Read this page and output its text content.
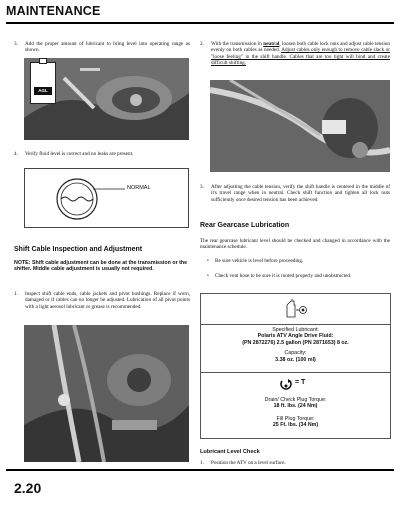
MAINTENANCE
3.	Add the proper amount of lubricant to bring level into operating range as shown.
AGL
4.	Verify fluid level is correct and no leaks are present.
NORMAL
Shift Cable Inspection and Adjustment
NOTE: Shift cable adjustment can be done at the transmission or the shifter. Middle cable adjustment is usually not required.
1.	Inspect shift cable ends, cable jackets and pivot bushings. Replace if worn, damaged or if cables can no longer be adjusted. Lubrication of all pivot points with a light aerosol lubricant or grease is recommended.
2.	With the transmission in neutral, loosen both cable lock nuts and adjust cable tension evenly on both cables as needed. Adjust cables only enough to remove cable slack or "loose feeling" in the shift handle. Cables that are too tight will bind and create difficult shifting.
3.	After adjusting the cable tension, verify the shift handle is centered in the middle of it's travel range when in neutral. Check shift function and tighten all lock nuts sufficiently once desired tension has been achieved.
Rear Gearcase Lubrication
The rear gearcase lubricant level should be checked and changed in accordance with the maintenance schedule.
•	Be sure vehicle is level before proceeding.
•	Check vent hose to be sure it is routed properly and unobstructed.
=
Specified Lubricant:
Polaris ATV Angle Drive Fluid:
(PN 2872276) 2.5 gallon (PN 2871653) 8 oz.
Capacity:
3.38 oz. (100 ml)
= T
Drain/ Check Plug Torque:
18 ft. lbs. (24 Nm)
Fill Plug Torque:
25 Ft. lbs. (34 Nm)
Lubricant Level Check
1.	Position the ATV on a level surface.
2.20
